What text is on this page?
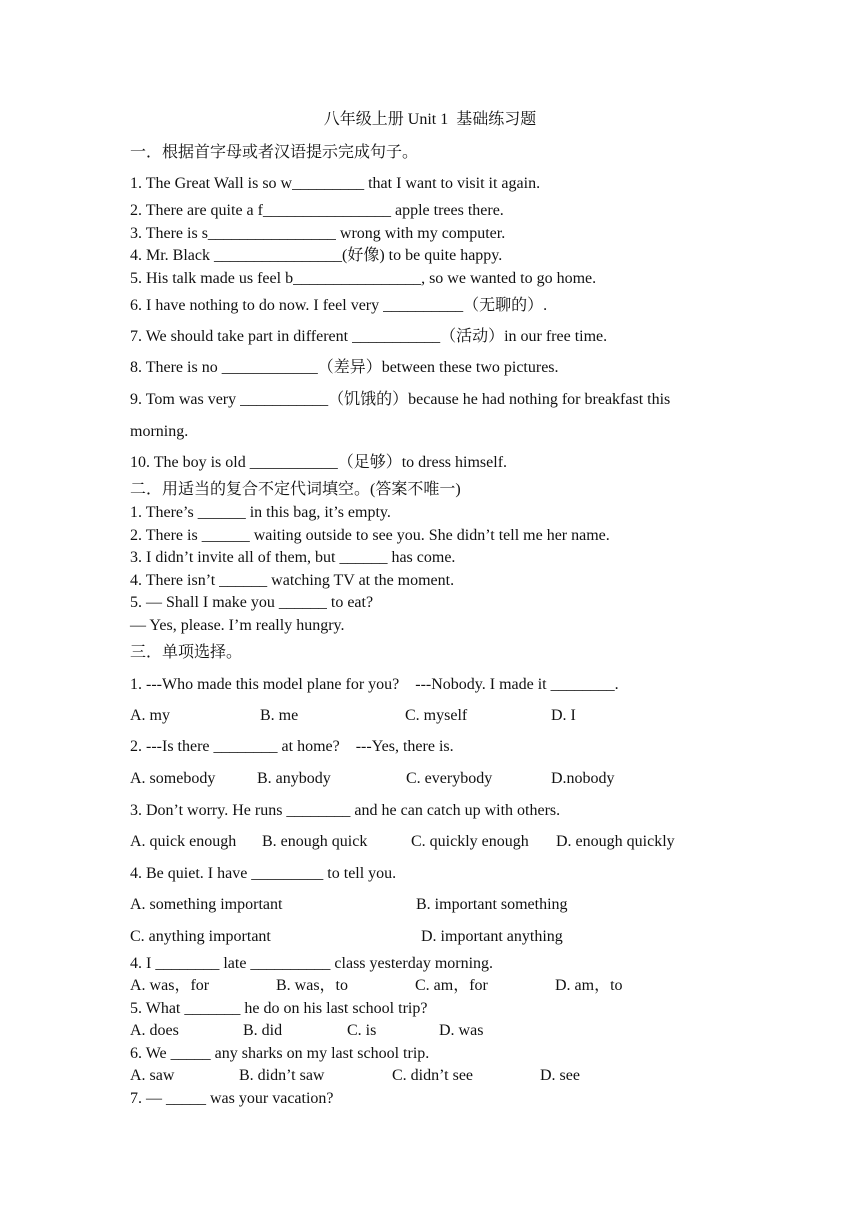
八年级上册 Unit 1  基础练习题
一．根据首字母或者汉语提示完成句子。
1. The Great Wall is so w_________ that I want to visit it again.
2. There are quite a f________________ apple trees there.
3. There is s________________ wrong with my computer.
4. Mr. Black ________________(好像) to be quite happy.
5. His talk made us feel b________________, so we wanted to go home.
6. I have nothing to do now. I feel very __________（无聊的）.
7. We should take part in different ___________（活动）in our free time.
8. There is no ____________（差异）between these two pictures.
9. Tom was very ___________（饥饿的）because he had nothing for breakfast this
morning.
10. The boy is old ___________（足够）to dress himself.
二．用适当的复合不定代词填空。(答案不唯一)
1. There’s ______ in this bag, it’s empty.
2. There is ______ waiting outside to see you. She didn’t tell me her name.
3. I didn’t invite all of them, but ______ has come.
4. There isn’t ______ watching TV at the moment.
5. — Shall I make you ______ to eat?
— Yes, please. I’m really hungry.
三．单项选择。
1. ---Who made this model plane for you?    ---Nobody. I made it ________.
A. my	B. me	C. myself	D. I
2. ---Is there ________ at home?    ---Yes, there is.
A. somebody	B. anybody	C. everybody	D.nobody
3. Don’t worry. He runs ________ and he can catch up with others.
A. quick enough B. enough quick	C. quickly enough D. enough quickly
4. Be quiet. I have _________ to tell you.
A. something important	B. important something
C. anything important	D. important anything
4. I ________ late __________ class yesterday morning.
A. was，for	B. was，to	C. am，for	D. am，to
5. What _______ he do on his last school trip?
A. does	B. did	C. is	D. was
6. We _____ any sharks on my last school trip.
A. saw	B. didn’t saw	C. didn’t see	D. see
7. — _____ was your vacation?
